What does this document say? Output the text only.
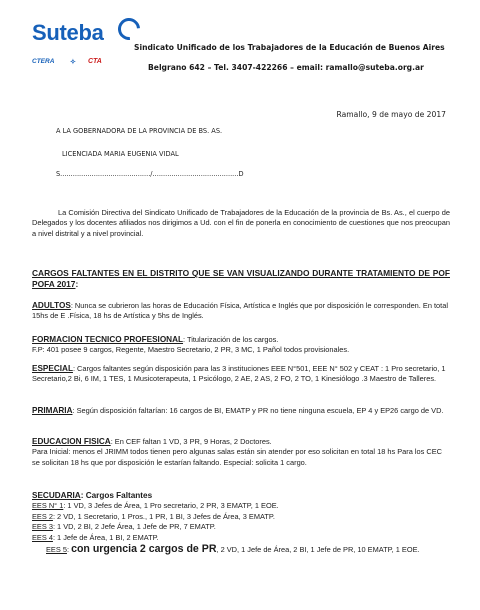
Suteba
Sindicato Unificado de los Trabajadores de la Educación de Buenos Aires
CTERA ✧ CTA
Belgrano 642 – Tel. 3407-422266 – email: ramallo@suteba.org.ar
Ramallo, 9 de mayo de 2017
A LA GOBERNADORA DE LA PROVINCIA DE BS. AS.
LICENCIADA MARIA EUGENIA VIDAL
S.........................................../.........................................D
La Comisión Directiva del Sindicato Unificado de Trabajadores de la Educación de la provincia de Bs. As., el cuerpo de Delegados y los docentes afiliados nos dirigimos a Ud. con el fin de ponerla en conocimiento de cuestiones que nos preocupan a nivel distrital y a nivel provincial.
CARGOS FALTANTES EN EL DISTRITO QUE SE VAN VISUALIZANDO DURANTE TRATAMIENTO DE POF POFA 2017:
ADULTOS: Nunca se cubrieron las horas de Educación Física, Artística e Inglés que por disposición le corresponden. En total 15hs de E .Física, 18 hs de Artística y 5hs de Inglés.
FORMACION TECNICO PROFESIONAL: Titularización de los cargos.
F.P: 401 posee 9 cargos, Regente, Maestro Secretario, 2 PR, 3 MC, 1 Pañol todos provisionales.
ESPECIAL: Cargos faltantes según disposición para las 3 instituciones EEE N°501, EEE N° 502 y CEAT : 1 Pro secretario, 1 Secretario,2 Bi, 6 IM, 1 TES, 1 Musicoterapeuta, 1 Psicólogo, 2 AE, 2 AS, 2 FO, 2 TO, 1 Kinesiólogo .3 Maestro de Talleres.
PRIMARIA: Según disposición faltarían: 16 cargos de BI, EMATP y PR no tiene ninguna escuela, EP 4 y EP26 cargo de VD.
EDUCACION FISICA: En CEF faltan 1 VD, 3 PR, 9 Horas, 2 Doctores.
Para Inicial: menos el JRIMM todos tienen pero algunas salas están sin atender por eso solicitan en total 18 hs Para los CEC se solicitan 18 hs que por disposición le estarían faltando. Especial: solicita 1 cargo.
SECUDARIA: Cargos Faltantes
EES N° 1: 1 VD, 3 Jefes de Área, 1 Pro secretario, 2 PR, 3 EMATP, 1 EOE.
EES 2: 2 VD, 1 Secretario, 1 Pros., 1 PR, 1 BI, 3 Jefes de Área, 3 EMATP.
EES 3: 1 VD, 2 BI, 2 Jefe Área, 1 Jefe de PR, 7 EMATP.
EES 4: 1 Jefe de Área, 1 BI, 2 EMATP.
EES 5: con urgencia 2 cargos de PR, 2 VD, 1 Jefe de Área, 2 BI, 1 Jefe de PR, 10 EMATP, 1 EOE.
